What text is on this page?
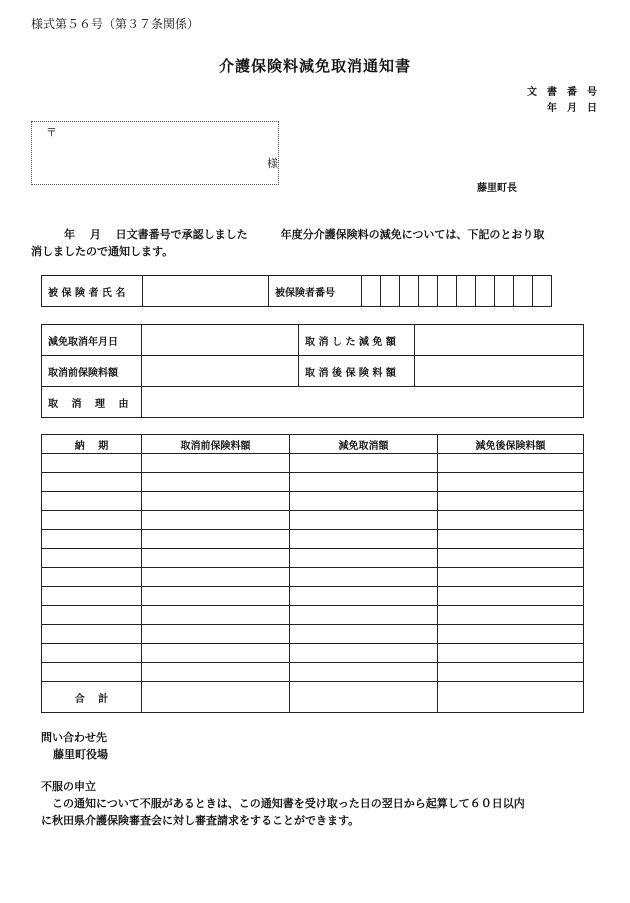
様式第５６号（第３７条関係）
介護保険料減免取消通知書
文　書　番　号
年　月　日
〒
様
藤里町長
　　　年　 月　 日文書番号で承認しました　　　年度分介護保険料の減免については、下記のとおり取
消しましたので通知します。
被 保 険 者 氏 名		被保険者番号										
減免取消年月日		取 消 し た 減 免 額	
取消前保険料額		取 消 後 保 険 料 額	
取　 消　 理　 由			
納　 期	取消前保険料額	減免取消額	減免後保険料額

合　 計			
問い合わせ先
藤里町役場
不服の申立
　この通知について不服があるときは、この通知書を受け取った日の翌日から起算して６０日以内
に秋田県介護保険審査会に対し審査請求をすることができます。
